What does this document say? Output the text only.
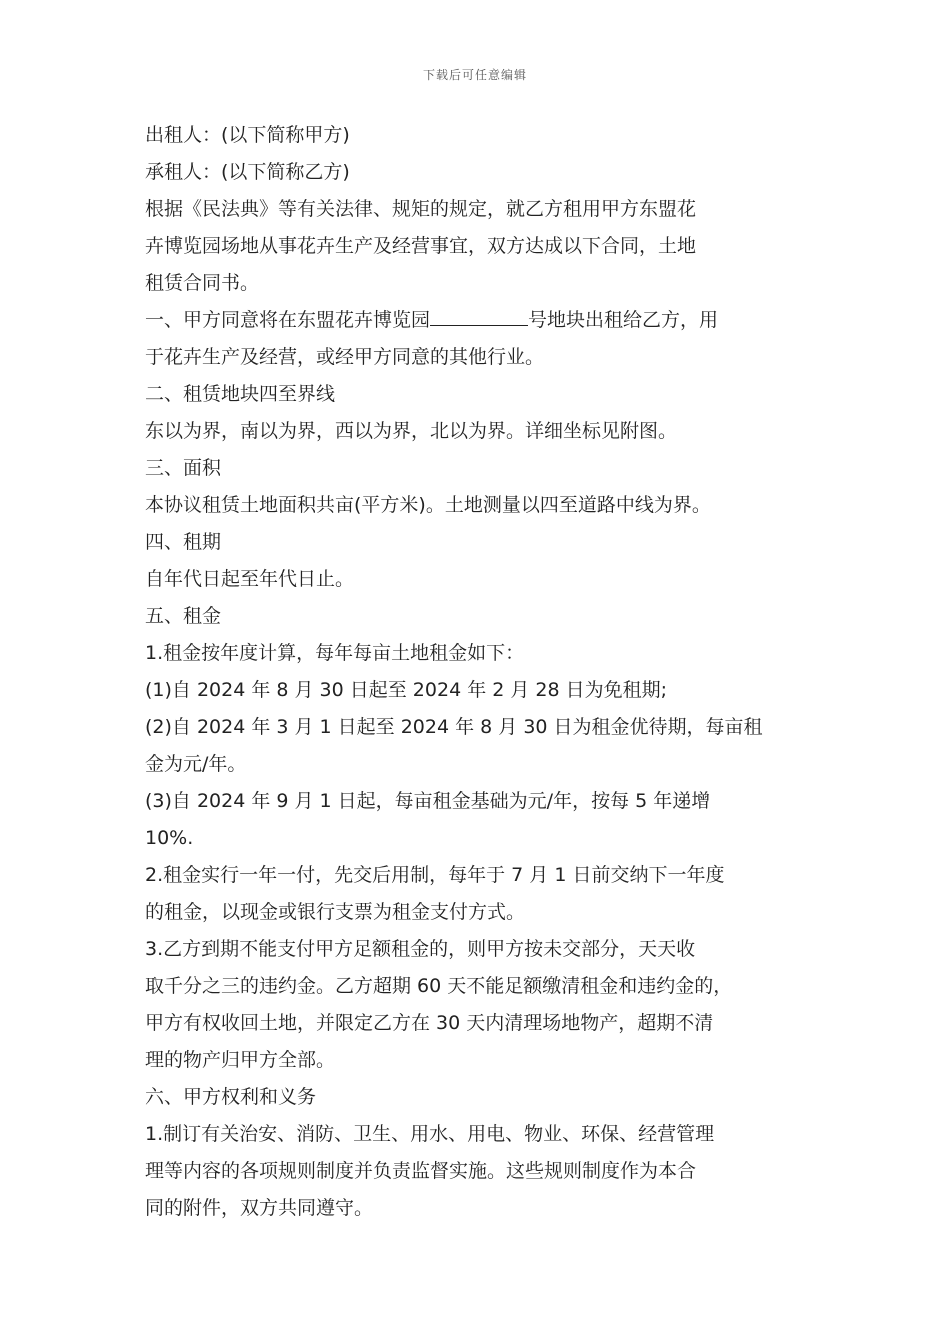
下载后可任意编辑
出租人：(以下简称甲方)
承租人：(以下简称乙方)
根据《民法典》等有关法律、规矩的规定，就乙方租用甲方东盟花
卉博览园场地从事花卉生产及经营事宜，双方达成以下合同，土地
租赁合同书。
一、甲方同意将在东盟花卉博览园	号地块出租给乙方，用
于花卉生产及经营，或经甲方同意的其他行业。
二、租赁地块四至界线
东以为界，南以为界，西以为界，北以为界。详细坐标见附图。
三、面积
本协议租赁土地面积共亩(平方米)。土地测量以四至道路中线为界。
四、租期
自年代日起至年代日止。
五、租金
1.租金按年度计算，每年每亩土地租金如下：
(1)自 2024 年 8 月 30 日起至 2024 年 2 月 28 日为免租期;
(2)自 2024 年 3 月 1 日起至 2024 年 8 月 30 日为租金优待期，每亩租
金为元/年。
(3)自 2024 年 9 月 1 日起，每亩租金基础为元/年，按每 5 年递增
10%.
2.租金实行一年一付，先交后用制，每年于 7 月 1 日前交纳下一年度
的租金，以现金或银行支票为租金支付方式。
3.乙方到期不能支付甲方足额租金的，则甲方按未交部分，天天收
取千分之三的违约金。乙方超期 60 天不能足额缴清租金和违约金的，
甲方有权收回土地，并限定乙方在 30 天内清理场地物产，超期不清
理的物产归甲方全部。
六、甲方权利和义务
1.制订有关治安、消防、卫生、用水、用电、物业、环保、经营管理
理等内容的各项规则制度并负责监督实施。这些规则制度作为本合
同的附件，双方共同遵守。
